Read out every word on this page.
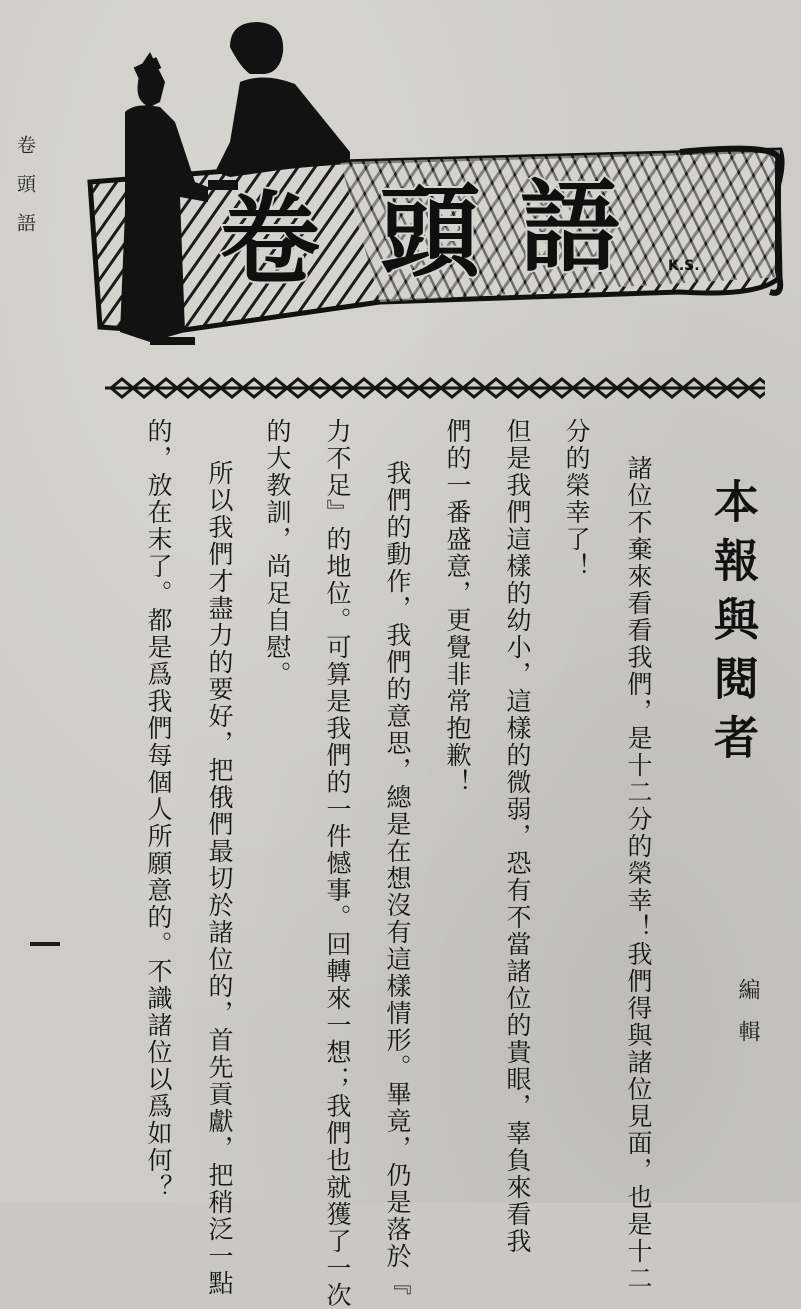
卷頭語	語
頭
卷	K.S.
本報與閱者
編輯
諸位不棄來看看我們，是十二分的榮幸！我們得與諸位見面，也是十二
分的榮幸了！
但是我們這樣的幼小，這樣的微弱，恐有不當諸位的貴眼，辜負來看我
們的一番盛意，更覺非常抱歉！
我們的動作，我們的意思，總是在想沒有這樣情形。畢竟，仍是落於『
力不足』的地位。可算是我們的一件憾事。回轉來一想；我們也就獲了一次
的大教訓，尚足自慰。
所以我們才盡力的要好，把俄們最切於諸位的，首先貢獻，把稍泛一點
的，放在末了。都是爲我們每個人所願意的。不識諸位以爲如何？
